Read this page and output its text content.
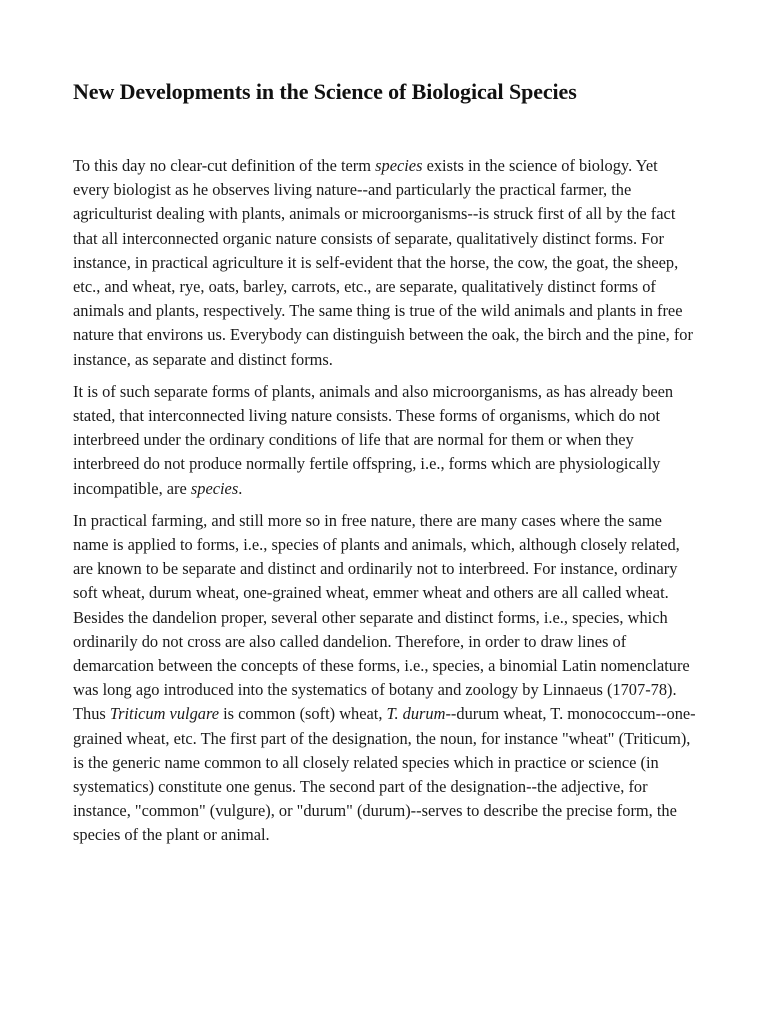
New Developments in the Science of Biological Species

To this day no clear-cut definition of the term species exists in the science of biology. Yet every biologist as he observes living nature--and particularly the practical farmer, the agriculturist dealing with plants, animals or microorganisms--is struck first of all by the fact that all interconnected organic nature consists of separate, qualitatively distinct forms. For instance, in practical agriculture it is self-evident that the horse, the cow, the goat, the sheep, etc., and wheat, rye, oats, barley, carrots, etc., are separate, qualitatively distinct forms of animals and plants, respectively. The same thing is true of the wild animals and plants in free nature that environs us. Everybody can distinguish between the oak, the birch and the pine, for instance, as separate and distinct forms.

It is of such separate forms of plants, animals and also microorganisms, as has already been stated, that interconnected living nature consists. These forms of organisms, which do not interbreed under the ordinary conditions of life that are normal for them or when they interbreed do not produce normally fertile offspring, i.e., forms which are physiologically incompatible, are species.

In practical farming, and still more so in free nature, there are many cases where the same name is applied to forms, i.e., species of plants and animals, which, although closely related, are known to be separate and distinct and ordinarily not to interbreed. For instance, ordinary soft wheat, durum wheat, one-grained wheat, emmer wheat and others are all called wheat. Besides the dandelion proper, several other separate and distinct forms, i.e., species, which ordinarily do not cross are also called dandelion. Therefore, in order to draw lines of demarcation between the concepts of these forms, i.e., species, a binomial Latin nomenclature was long ago introduced into the systematics of botany and zoology by Linnaeus (1707-78). Thus Triticum vulgare is common (soft) wheat, T. durum--durum wheat, T. monococcum--one-grained wheat, etc. The first part of the designation, the noun, for instance "wheat" (Triticum), is the generic name common to all closely related species which in practice or science (in systematics) constitute one genus. The second part of the designation--the adjective, for instance, "common" (vulgure), or "durum" (durum)--serves to describe the precise form, the species of the plant or animal.
